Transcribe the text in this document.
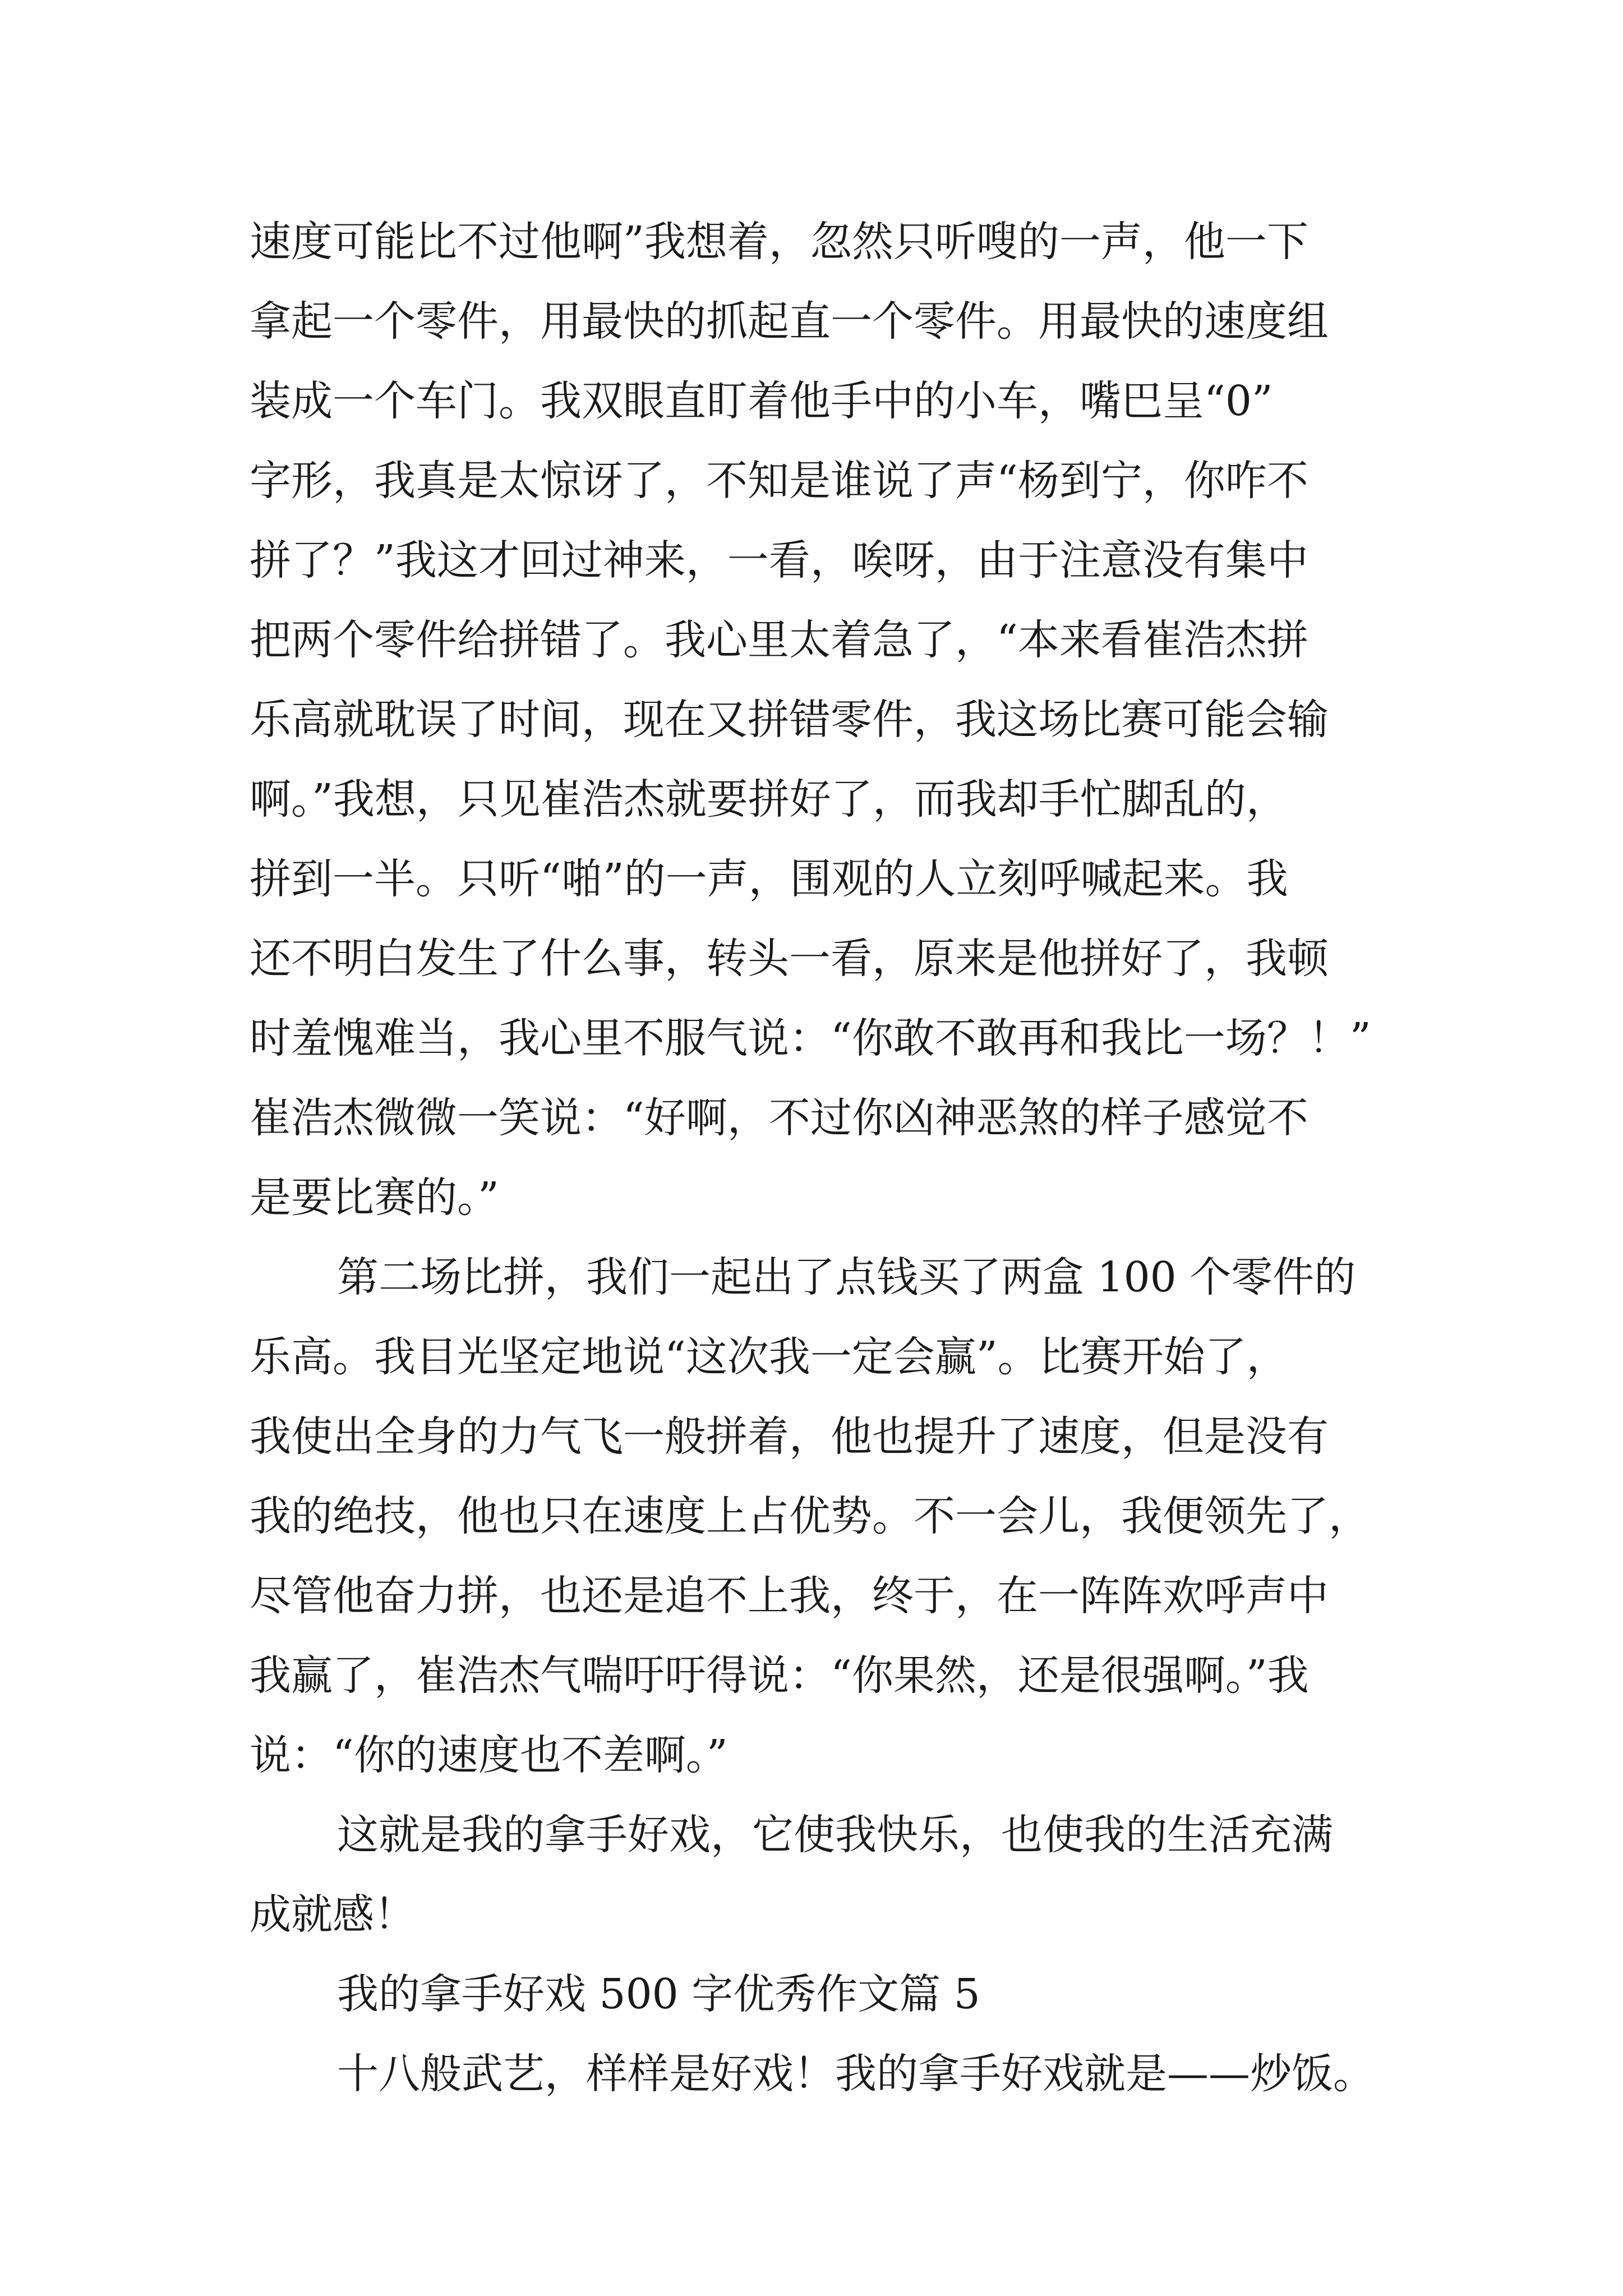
速度可能比不过他啊”我想着，忽然只听嗖的一声，他一下
拿起一个零件，用最快的抓起直一个零件。用最快的速度组
装成一个车门。我双眼直盯着他手中的小车，嘴巴呈“0”
字形，我真是太惊讶了，不知是谁说了声“杨到宁，你咋不
拼了？”我这才回过神来，一看，唉呀，由于注意没有集中
把两个零件给拼错了。我心里太着急了，“本来看崔浩杰拼
乐高就耽误了时间，现在又拼错零件，我这场比赛可能会输
啊。”我想，只见崔浩杰就要拼好了，而我却手忙脚乱的，
拼到一半。只听“啪”的一声，围观的人立刻呼喊起来。我
还不明白发生了什么事，转头一看，原来是他拼好了，我顿
时羞愧难当，我心里不服气说：“你敢不敢再和我比一场？！”
崔浩杰微微一笑说：“好啊，不过你凶神恶煞的样子感觉不
是要比赛的。”
第二场比拼，我们一起出了点钱买了两盒 100 个零件的
乐高。我目光坚定地说“这次我一定会赢”。比赛开始了，
我使出全身的力气飞一般拼着，他也提升了速度，但是没有
我的绝技，他也只在速度上占优势。不一会儿，我便领先了，
尽管他奋力拼，也还是追不上我，终于，在一阵阵欢呼声中
我赢了，崔浩杰气喘吁吁得说：“你果然，还是很强啊。”我
说：“你的速度也不差啊。”
这就是我的拿手好戏，它使我快乐，也使我的生活充满
成就感！
我的拿手好戏 500 字优秀作文篇 5
十八般武艺，样样是好戏！我的拿手好戏就是——炒饭。
